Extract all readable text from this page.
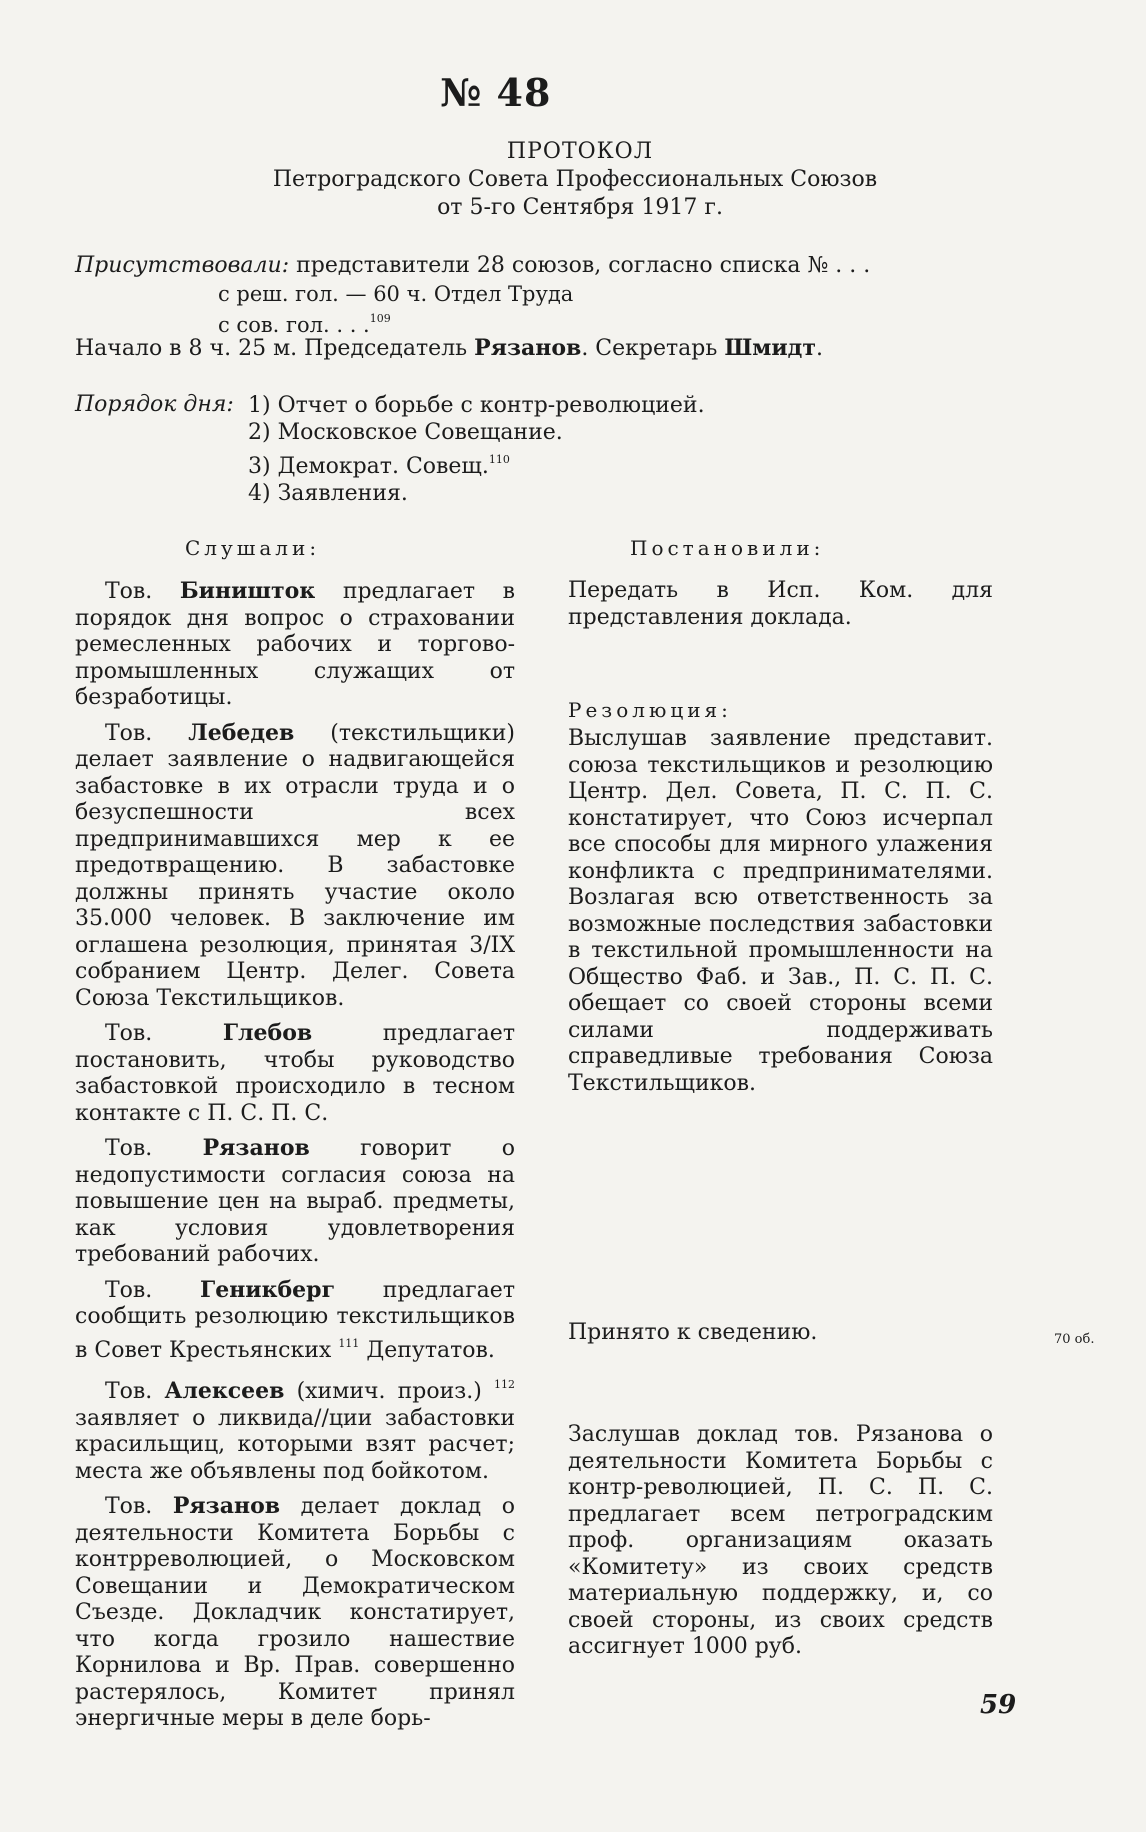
№ 48
ПРОТОКОЛ
Петроградского Совета Профессиональных Союзов
от 5-го Сентября 1917 г.
Присутствовали: представители 28 союзов, согласно списка № . . .
с реш. гол. — 60 ч. Отдел Труда
с сов. гол. . . .$^{109}$
Начало в 8 ч. 25 м. Председатель Рязанов. Секретарь Шмидт.
Порядок дня: 1) Отчет о борьбе с контр-революцией.
2) Московское Совещание.
3) Демократ. Совещ.$^{110}$
4) Заявления.
Слушали:	Постановили:

Тов. Биништок предлагает в порядок дня вопрос о страховании ремесленных рабочих и торгово-промышленных служащих от безработицы.

Тов. Лебедев (текстильщики) делает заявление о надвигающейся забастовке в их отрасли труда и о безуспешности всех предпринимавшихся мер к ее предотвращению. В забастовке должны принять участие около 35.000 человек. В заключение им оглашена резолюция, принятая 3/IX собранием Центр. Делег. Совета Союза Текстильщиков.

Тов.	Глебов	предлагает постановить, чтобы руководство забастовкой происходило в тесном контакте с П. С. П. С.

Тов. Рязанов говорит о недопустимости согласия союза на повышение цен на выраб. предметы, как условия удовлетворения требований рабочих.

Тов. Геникберг предлагает сообщить резолюцию текстильщиков в Совет Крестьянских $^{111}$ Депутатов.

Тов. Алексеев (химич. произ.) $^{112}$ заявляет о ликвида//ции забастовки красильщиц, которыми взят расчет; места же объявлены под бойкотом.

Тов. Рязанов делает доклад о деятельности Комитета Борьбы с контрреволюцией, о Московском Совещании и Демократическом Съезде. Докладчик констатирует, что когда грозило нашествие Корнилова и Вр. Прав. совершенно растерялось, Комитет принял энергичные меры в деле борь-

Передать в Исп. Ком. для представления доклада.

Резолюция:

Выслушав заявление представит. союза текстильщиков и резолюцию Центр. Дел. Совета, П. С. П. С. констатирует, что Союз исчерпал все способы для мирного улажения конфликта с предпринимателями. Возлагая всю ответственность за возможные последствия забастовки в текстильной промышленности на Общество Фаб. и Зав., П. С. П. С. обещает со своей стороны всеми силами поддерживать справедливые требования Союза Текстильщиков.

Принято к сведению.

Заслушав доклад тов. Рязанова о деятельности Комитета Борьбы с контр-революцией, П. С. П. С. предлагает всем петроградским проф. организациям оказать «Комитету» из своих средств материальную поддержку, и, со своей стороны, из своих средств ассигнует 1000 руб.

70 об.
59
